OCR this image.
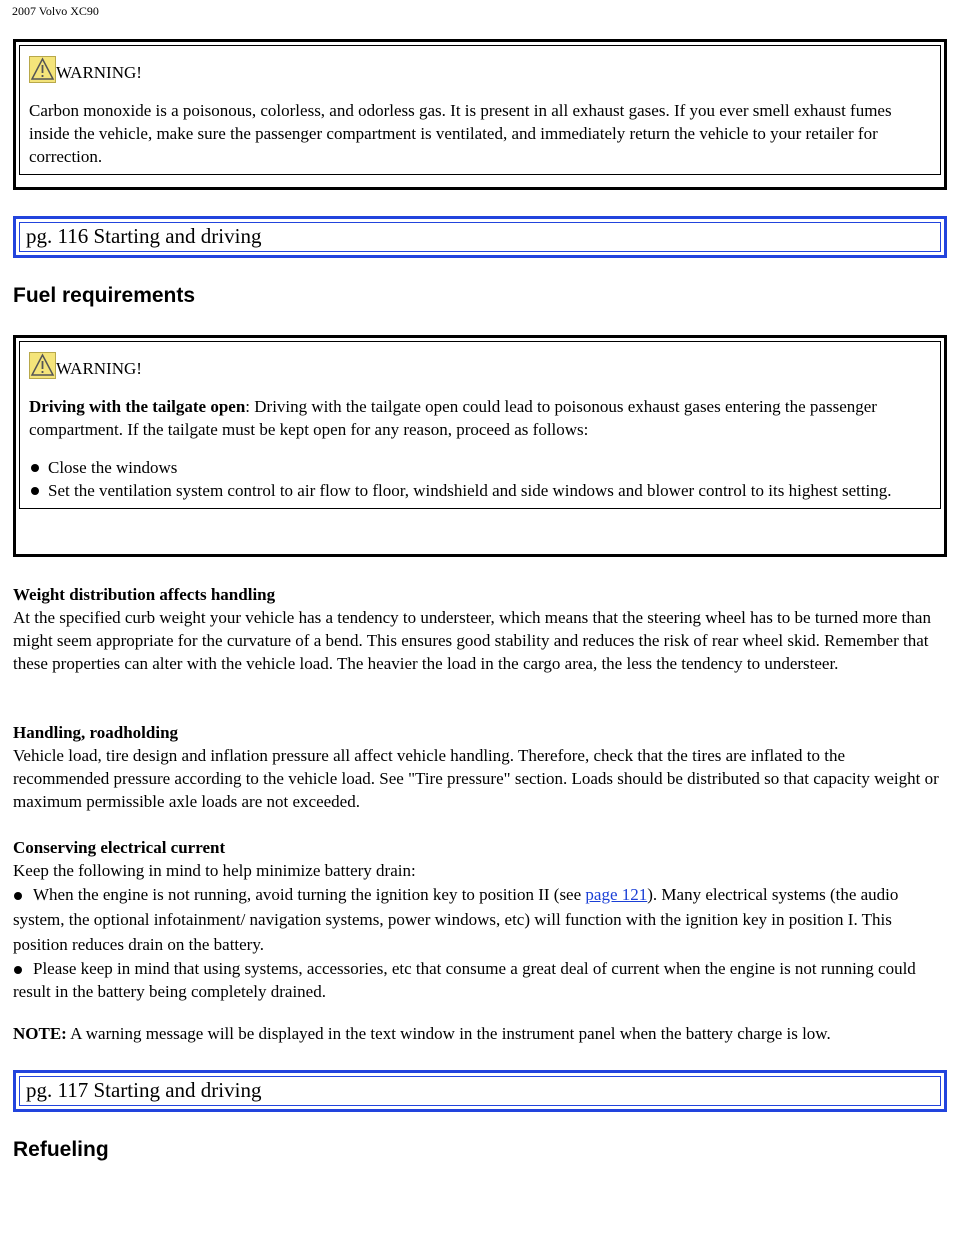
2007 Volvo XC90
WARNING!

Carbon monoxide is a poisonous, colorless, and odorless gas. It is present in all exhaust gases. If you ever smell exhaust fumes inside the vehicle, make sure the passenger compartment is ventilated, and immediately return the vehicle to your retailer for correction.

pg. 116 Starting and driving
Fuel requirements
WARNING!

Driving with the tailgate open: Driving with the tailgate open could lead to poisonous exhaust gases entering the passenger compartment. If the tailgate must be kept open for any reason, proceed as follows:

Close the windows
Set the ventilation system control to air flow to floor, windshield and side windows and blower control to its highest setting.

Weight distribution affects handling

At the specified curb weight your vehicle has a tendency to understeer, which means that the steering wheel has to be turned more than might seem appropriate for the curvature of a bend. This ensures good stability and reduces the risk of rear wheel skid. Remember that these properties can alter with the vehicle load. The heavier the load in the cargo area, the less the tendency to understeer.

Handling, roadholding

Vehicle load, tire design and inflation pressure all affect vehicle handling. Therefore, check that the tires are inflated to the recommended pressure according to the vehicle load. See "Tire pressure" section. Loads should be distributed so that capacity weight or maximum permissible axle loads are not exceeded.

Conserving electrical current

Keep the following in mind to help minimize battery drain:

When the engine is not running, avoid turning the ignition key to position II (see page 121). Many electrical systems (the audio system, the optional infotainment/ navigation systems, power windows, etc) will function with the ignition key in position I. This position reduces drain on the battery.

Please keep in mind that using systems, accessories, etc that consume a great deal of current when the engine is not running could result in the battery being completely drained.

NOTE: A warning message will be displayed in the text window in the instrument panel when the battery charge is low.

pg. 117 Starting and driving
Refueling
